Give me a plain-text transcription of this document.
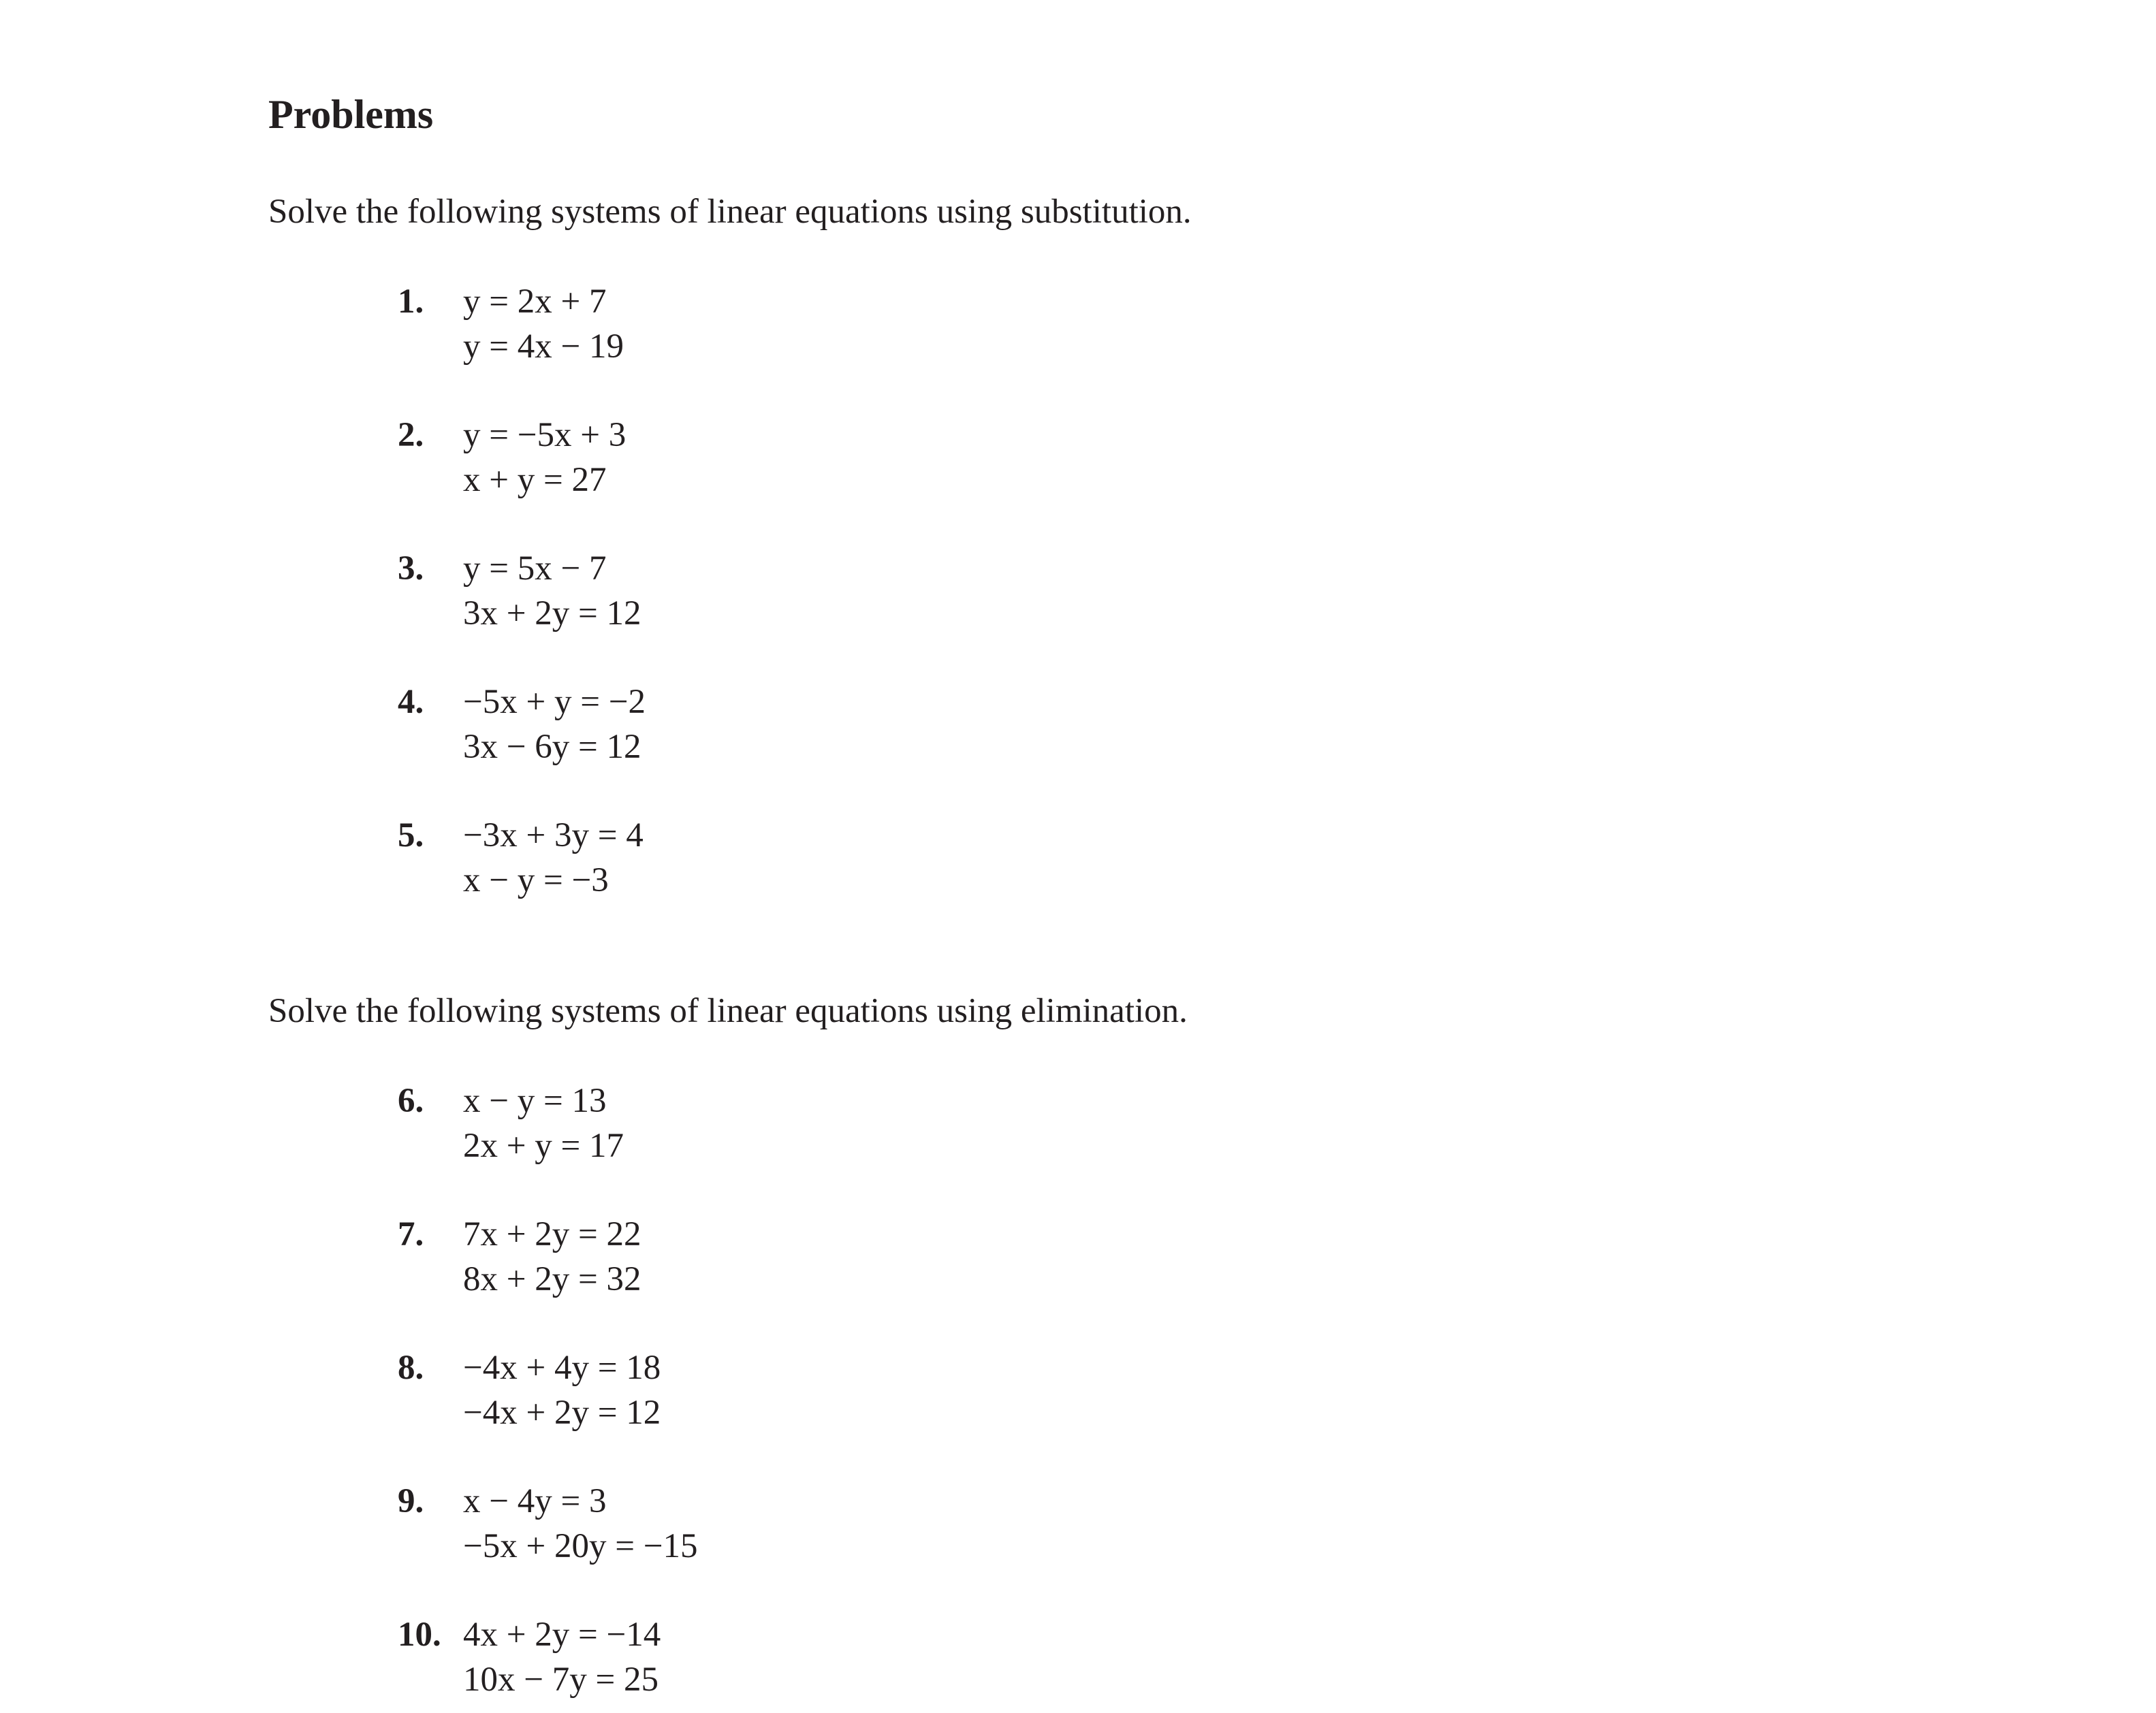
Problems

Solve the following systems of linear equations using substitution.

1. y = 2x + 7
y = 4x − 19
2. y = −5x + 3
x + y = 27
3. y = 5x − 7
3x + 2y = 12
4. −5x + y = −2
3x − 6y = 12
5. −3x + 3y = 4
x − y = −3

Solve the following systems of linear equations using elimination.

6. x − y = 13
2x + y = 17
7. 7x + 2y = 22
8x + 2y = 32
8. −4x + 4y = 18
−4x + 2y = 12
9. x − 4y = 3
−5x + 20y = −15
10. 4x + 2y = −14
10x − 7y = 25
